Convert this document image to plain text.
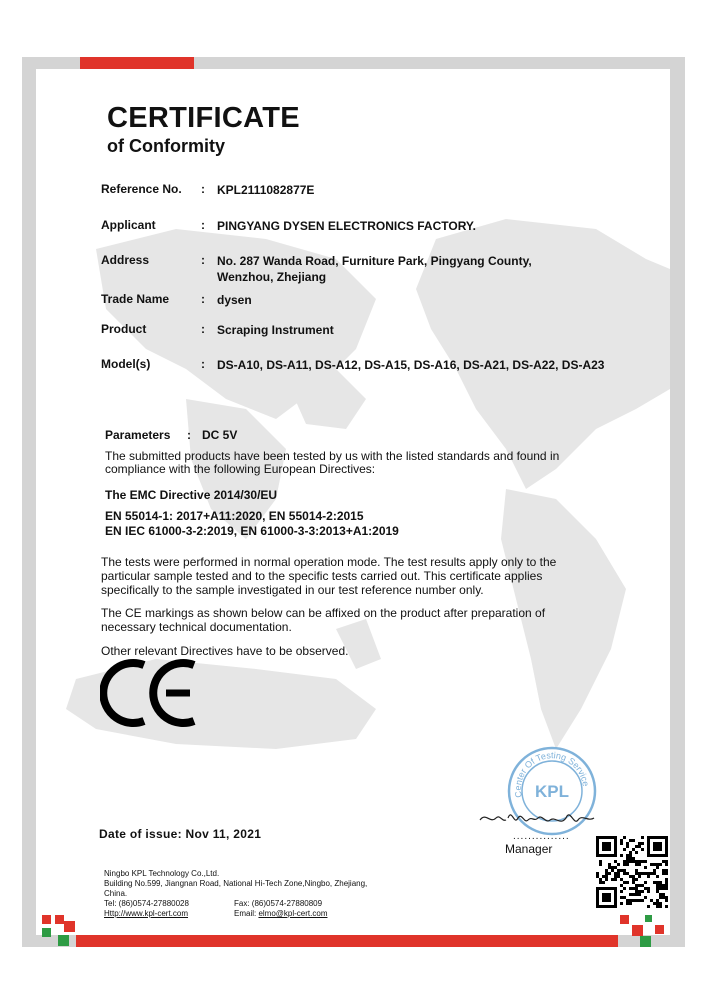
CERTIFICATE
of Conformity
Reference No. : KPL2111082877E
Applicant	: PINGYANG DYSEN ELECTRONICS FACTORY.
Address	: No. 287 Wanda Road, Furniture Park, Pingyang County,
Wenzhou, Zhejiang
Trade Name	: dysen
Product	: Scraping Instrument
Model(s)	: DS-A10, DS-A11, DS-A12, DS-A15, DS-A16, DS-A21, DS-A22, DS-A23
Parameters : DC 5V
The submitted products have been tested by us with the listed standards and found in
compliance with the following European Directives:
The EMC Directive 2014/30/EU
EN 55014-1: 2017+A11:2020, EN 55014-2:2015
EN IEC 61000-3-2:2019, EN 61000-3-3:2013+A1:2019
The tests were performed in normal operation mode. The test results apply only to the
particular sample tested and to the specific tests carried out. This certificate applies
specifically to the sample investigated in our test reference number only.
The CE markings as shown below can be affixed on the product after preparation of
necessary technical documentation.
Other relevant Directives have to be observed.
Center Of Testing Service
KPL
elmo chen
...............
Manager
Date of issue: Nov 11, 2021
Ningbo KPL Technology Co.,Ltd.
Building No.599, Jiangnan Road, National Hi-Tech Zone,Ningbo, Zhejiang,
China.
Tel: (86)0574-27880028	Fax: (86)0574-27880809
Http://www.kpl-cert.com	Email: elmo@kpl-cert.com
